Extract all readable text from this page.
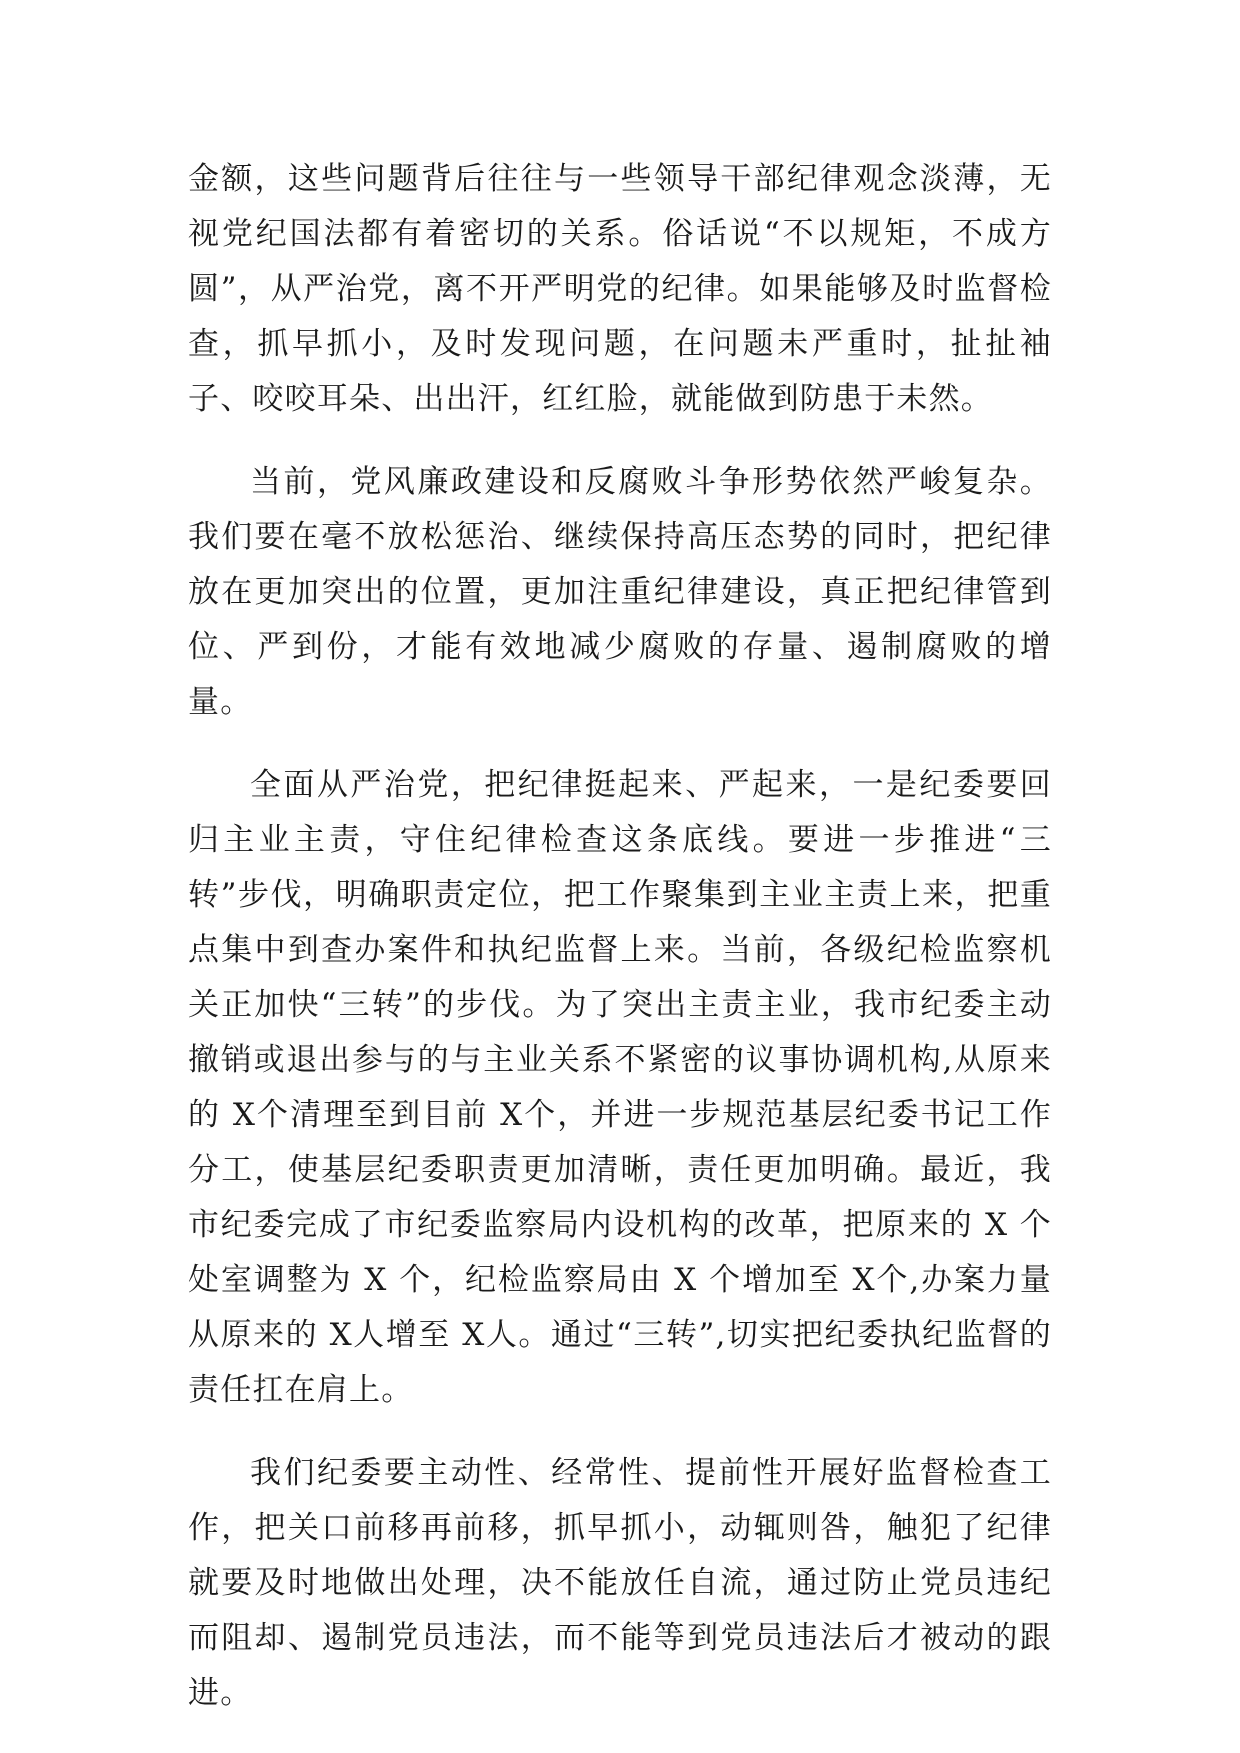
金额，这些问题背后往往与一些领导干部纪律观念淡薄，无视党纪国法都有着密切的关系。俗话说“不以规矩，不成方圆”，从严治党，离不开严明党的纪律。如果能够及时监督检查，抓早抓小，及时发现问题，在问题未严重时，扯扯袖子、咬咬耳朵、出出汗，红红脸，就能做到防患于未然。

当前，党风廉政建设和反腐败斗争形势依然严峻复杂。我们要在毫不放松惩治、继续保持高压态势的同时，把纪律放在更加突出的位置，更加注重纪律建设，真正把纪律管到位、严到份，才能有效地减少腐败的存量、遏制腐败的增量。

全面从严治党，把纪律挺起来、严起来，一是纪委要回归主业主责，守住纪律检查这条底线。要进一步推进“三转”步伐，明确职责定位，把工作聚集到主业主责上来，把重点集中到查办案件和执纪监督上来。当前，各级纪检监察机关正加快“三转”的步伐。为了突出主责主业，我市纪委主动撤销或退出参与的与主业关系不紧密的议事协调机构,从原来的 X个清理至到目前 X个，并进一步规范基层纪委书记工作分工，使基层纪委职责更加清晰，责任更加明确。最近，我市纪委完成了市纪委监察局内设机构的改革，把原来的 X 个处室调整为 X 个，纪检监察局由 X 个增加至 X个,办案力量从原来的 X人增至 X人。通过“三转”,切实把纪委执纪监督的责任扛在肩上。

我们纪委要主动性、经常性、提前性开展好监督检查工作，把关口前移再前移，抓早抓小，动辄则咎，触犯了纪律就要及时地做出处理，决不能放任自流，通过防止党员违纪而阻却、遏制党员违法，而不能等到党员违法后才被动的跟进。
